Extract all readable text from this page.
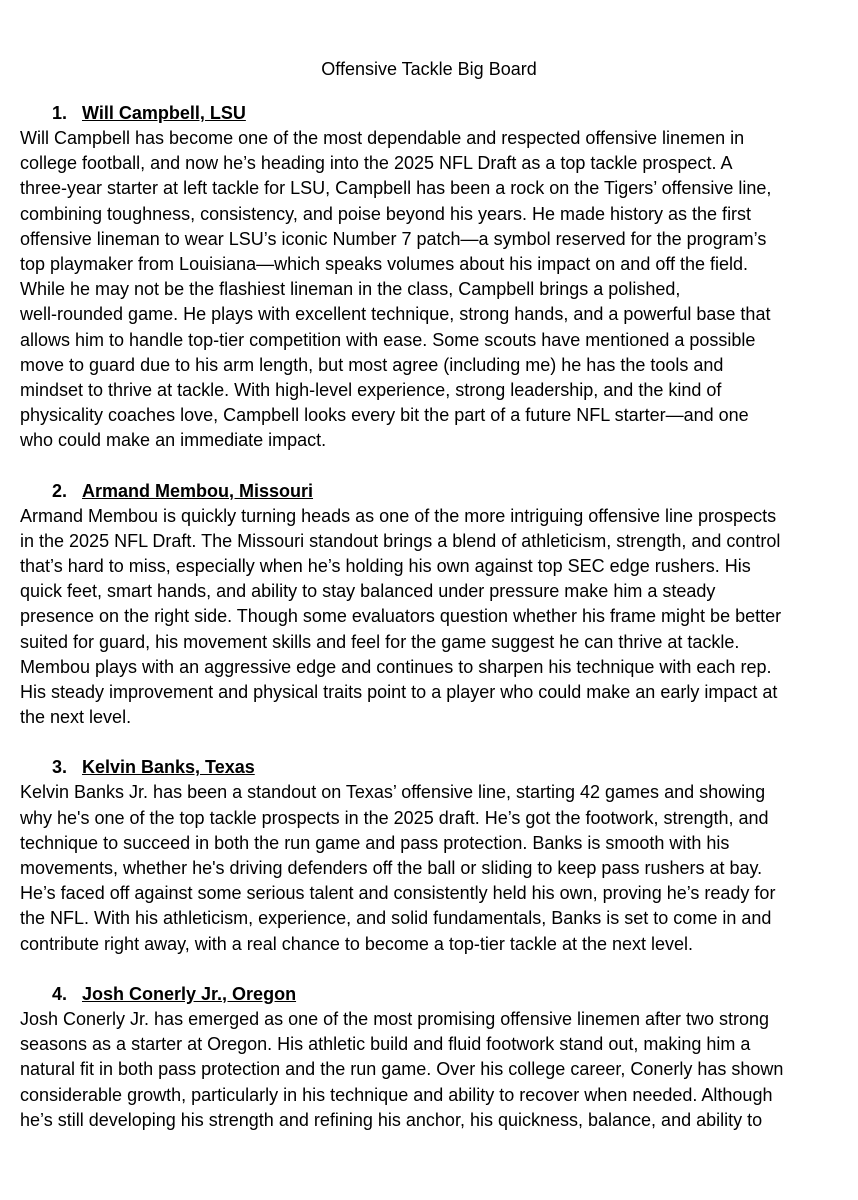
Offensive Tackle Big Board

1. Will Campbell, LSU

Will Campbell has become one of the most dependable and respected offensive linemen in
college football, and now he’s heading into the 2025 NFL Draft as a top tackle prospect. A
three-year starter at left tackle for LSU, Campbell has been a rock on the Tigers’ offensive line,
combining toughness, consistency, and poise beyond his years. He made history as the first
offensive lineman to wear LSU’s iconic Number 7 patch—a symbol reserved for the program’s
top playmaker from Louisiana—which speaks volumes about his impact on and off the field.
While he may not be the flashiest lineman in the class, Campbell brings a polished,
well-rounded game. He plays with excellent technique, strong hands, and a powerful base that
allows him to handle top-tier competition with ease. Some scouts have mentioned a possible
move to guard due to his arm length, but most agree (including me) he has the tools and
mindset to thrive at tackle. With high-level experience, strong leadership, and the kind of
physicality coaches love, Campbell looks every bit the part of a future NFL starter—and one
who could make an immediate impact.

2. Armand Membou, Missouri

Armand Membou is quickly turning heads as one of the more intriguing offensive line prospects
in the 2025 NFL Draft. The Missouri standout brings a blend of athleticism, strength, and control
that’s hard to miss, especially when he’s holding his own against top SEC edge rushers. His
quick feet, smart hands, and ability to stay balanced under pressure make him a steady
presence on the right side. Though some evaluators question whether his frame might be better
suited for guard, his movement skills and feel for the game suggest he can thrive at tackle.
Membou plays with an aggressive edge and continues to sharpen his technique with each rep.
His steady improvement and physical traits point to a player who could make an early impact at
the next level.

3. Kelvin Banks, Texas

Kelvin Banks Jr. has been a standout on Texas’ offensive line, starting 42 games and showing
why he's one of the top tackle prospects in the 2025 draft. He’s got the footwork, strength, and
technique to succeed in both the run game and pass protection. Banks is smooth with his
movements, whether he's driving defenders off the ball or sliding to keep pass rushers at bay.
He’s faced off against some serious talent and consistently held his own, proving he’s ready for
the NFL. With his athleticism, experience, and solid fundamentals, Banks is set to come in and
contribute right away, with a real chance to become a top-tier tackle at the next level.

4. Josh Conerly Jr., Oregon

Josh Conerly Jr. has emerged as one of the most promising offensive linemen after two strong
seasons as a starter at Oregon. His athletic build and fluid footwork stand out, making him a
natural fit in both pass protection and the run game. Over his college career, Conerly has shown
considerable growth, particularly in his technique and ability to recover when needed. Although
he’s still developing his strength and refining his anchor, his quickness, balance, and ability to
